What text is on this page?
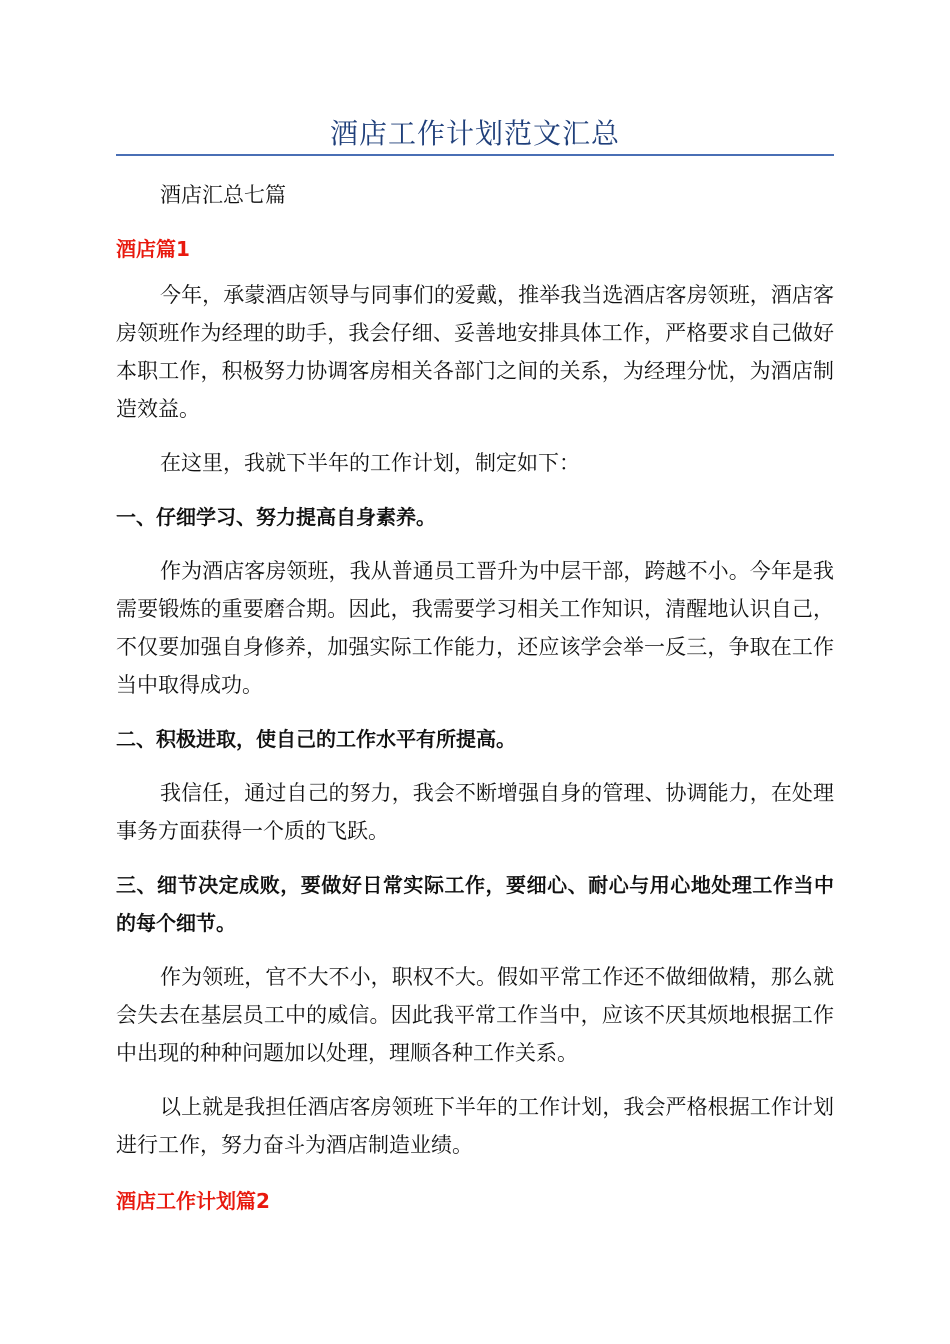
酒店工作计划范文汇总

酒店汇总七篇

酒店篇1

今年，承蒙酒店领导与同事们的爱戴，推举我当选酒店客房领班，酒店客房领班作为经理的助手，我会仔细、妥善地安排具体工作，严格要求自己做好本职工作，积极努力协调客房相关各部门之间的关系，为经理分忧，为酒店制造效益。

在这里，我就下半年的工作计划，制定如下：

一、仔细学习、努力提高自身素养。

作为酒店客房领班，我从普通员工晋升为中层干部，跨越不小。今年是我需要锻炼的重要磨合期。因此，我需要学习相关工作知识，清醒地认识自己，不仅要加强自身修养，加强实际工作能力，还应该学会举一反三，争取在工作当中取得成功。

二、积极进取，使自己的工作水平有所提高。

我信任，通过自己的努力，我会不断增强自身的管理、协调能力，在处理事务方面获得一个质的飞跃。

三、细节决定成败，要做好日常实际工作，要细心、耐心与用心地处理工作当中的每个细节。

作为领班，官不大不小，职权不大。假如平常工作还不做细做精，那么就会失去在基层员工中的威信。因此我平常工作当中，应该不厌其烦地根据工作中出现的种种问题加以处理，理顺各种工作关系。

以上就是我担任酒店客房领班下半年的工作计划，我会严格根据工作计划进行工作，努力奋斗为酒店制造业绩。

酒店工作计划篇2
